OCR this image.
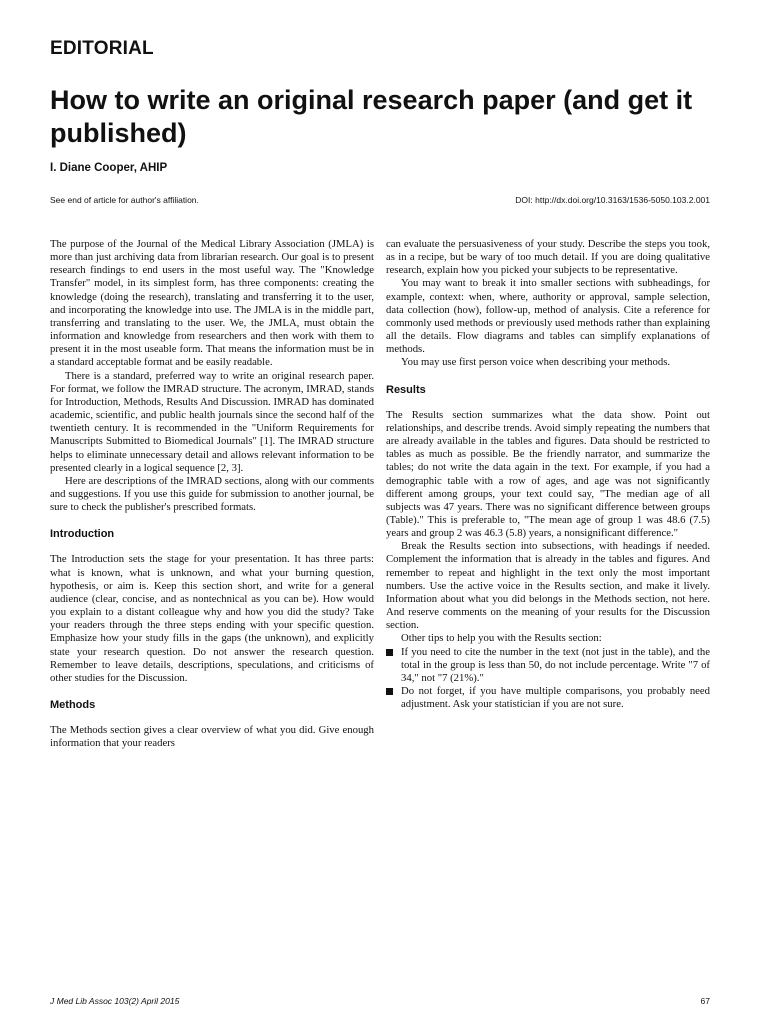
EDITORIAL
How to write an original research paper (and get it published)
I. Diane Cooper, AHIP
See end of article for author's affiliation.	DOI: http://dx.doi.org/10.3163/1536-5050.103.2.001

The purpose of the Journal of the Medical Library Association (JMLA) is more than just archiving data from librarian research. Our goal is to present research findings to end users in the most useful way. The "Knowledge Transfer" model, in its simplest form, has three components: creating the knowledge (doing the research), translating and transferring it to the user, and incorporating the knowledge into use. The JMLA is in the middle part, transferring and translating to the user. We, the JMLA, must obtain the information and knowledge from researchers and then work with them to present it in the most useable form. That means the information must be in a standard acceptable format and be easily readable.

There is a standard, preferred way to write an original research paper. For format, we follow the IMRAD structure. The acronym, IMRAD, stands for Introduction, Methods, Results And Discussion. IMRAD has dominated academic, scientific, and public health journals since the second half of the twentieth century. It is recommended in the "Uniform Requirements for Manuscripts Submitted to Biomedical Journals" [1]. The IMRAD structure helps to eliminate unnecessary detail and allows relevant information to be presented clearly in a logical sequence [2, 3].

Here are descriptions of the IMRAD sections, along with our comments and suggestions. If you use this guide for submission to another journal, be sure to check the publisher's prescribed formats.

Introduction

The Introduction sets the stage for your presentation. It has three parts: what is known, what is unknown, and what your burning question, hypothesis, or aim is. Keep this section short, and write for a general audience (clear, concise, and as nontechnical as you can be). How would you explain to a distant colleague why and how you did the study? Take your readers through the three steps ending with your specific question. Emphasize how your study fills in the gaps (the unknown), and explicitly state your research question. Do not answer the research question. Remember to leave details, descriptions, speculations, and criticisms of other studies for the Discussion.

Methods

The Methods section gives a clear overview of what you did. Give enough information that your readers

can evaluate the persuasiveness of your study. Describe the steps you took, as in a recipe, but be wary of too much detail. If you are doing qualitative research, explain how you picked your subjects to be representative.

You may want to break it into smaller sections with subheadings, for example, context: when, where, authority or approval, sample selection, data collection (how), follow-up, method of analysis. Cite a reference for commonly used methods or previously used methods rather than explaining all the details. Flow diagrams and tables can simplify explanations of methods.

You may use first person voice when describing your methods.

Results

The Results section summarizes what the data show. Point out relationships, and describe trends. Avoid simply repeating the numbers that are already available in the tables and figures. Data should be restricted to tables as much as possible. Be the friendly narrator, and summarize the tables; do not write the data again in the text. For example, if you had a demographic table with a row of ages, and age was not significantly different among groups, your text could say, "The median age of all subjects was 47 years. There was no significant difference between groups (Table)." This is preferable to, "The mean age of group 1 was 48.6 (7.5) years and group 2 was 46.3 (5.8) years, a nonsignificant difference."

Break the Results section into subsections, with headings if needed. Complement the information that is already in the tables and figures. And remember to repeat and highlight in the text only the most important numbers. Use the active voice in the Results section, and make it lively. Information about what you did belongs in the Methods section, not here. And reserve comments on the meaning of your results for the Discussion section.

Other tips to help you with the Results section:

If you need to cite the number in the text (not just in the table), and the total in the group is less than 50, do not include percentage. Write "7 of 34," not "7 (21%)."
Do not forget, if you have multiple comparisons, you probably need adjustment. Ask your statistician if you are not sure.
J Med Lib Assoc 103(2) April 2015	67
